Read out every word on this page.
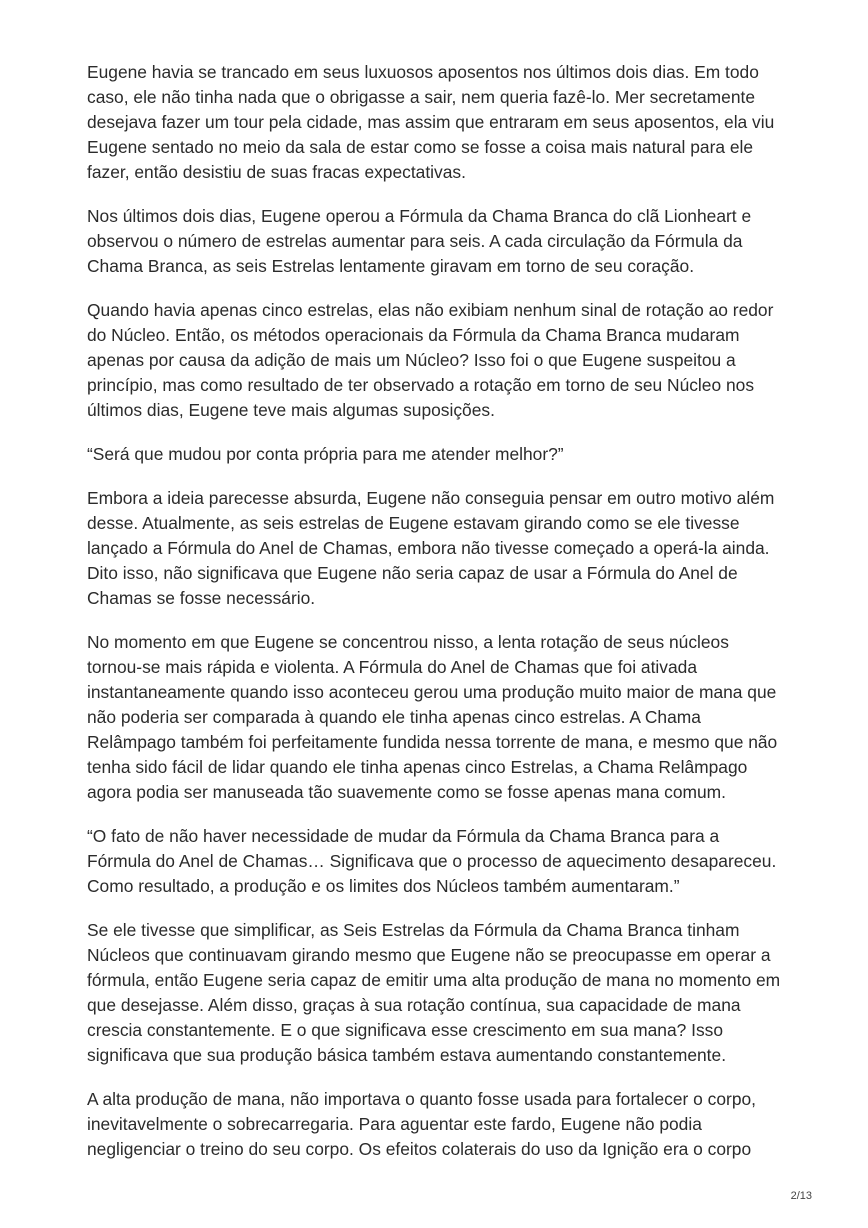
Eugene havia se trancado em seus luxuosos aposentos nos últimos dois dias. Em todo caso, ele não tinha nada que o obrigasse a sair, nem queria fazê-lo. Mer secretamente desejava fazer um tour pela cidade, mas assim que entraram em seus aposentos, ela viu Eugene sentado no meio da sala de estar como se fosse a coisa mais natural para ele fazer, então desistiu de suas fracas expectativas.

Nos últimos dois dias, Eugene operou a Fórmula da Chama Branca do clã Lionheart e observou o número de estrelas aumentar para seis. A cada circulação da Fórmula da Chama Branca, as seis Estrelas lentamente giravam em torno de seu coração.

Quando havia apenas cinco estrelas, elas não exibiam nenhum sinal de rotação ao redor do Núcleo. Então, os métodos operacionais da Fórmula da Chama Branca mudaram apenas por causa da adição de mais um Núcleo? Isso foi o que Eugene suspeitou a princípio, mas como resultado de ter observado a rotação em torno de seu Núcleo nos últimos dias, Eugene teve mais algumas suposições.

“Será que mudou por conta própria para me atender melhor?”

Embora a ideia parecesse absurda, Eugene não conseguia pensar em outro motivo além desse. Atualmente, as seis estrelas de Eugene estavam girando como se ele tivesse lançado a Fórmula do Anel de Chamas, embora não tivesse começado a operá-la ainda. Dito isso, não significava que Eugene não seria capaz de usar a Fórmula do Anel de Chamas se fosse necessário.

No momento em que Eugene se concentrou nisso, a lenta rotação de seus núcleos tornou-se mais rápida e violenta. A Fórmula do Anel de Chamas que foi ativada instantaneamente quando isso aconteceu gerou uma produção muito maior de mana que não poderia ser comparada à quando ele tinha apenas cinco estrelas. A Chama Relâmpago também foi perfeitamente fundida nessa torrente de mana, e mesmo que não tenha sido fácil de lidar quando ele tinha apenas cinco Estrelas, a Chama Relâmpago agora podia ser manuseada tão suavemente como se fosse apenas mana comum.

“O fato de não haver necessidade de mudar da Fórmula da Chama Branca para a Fórmula do Anel de Chamas… Significava que o processo de aquecimento desapareceu. Como resultado, a produção e os limites dos Núcleos também aumentaram.”

Se ele tivesse que simplificar, as Seis Estrelas da Fórmula da Chama Branca tinham Núcleos que continuavam girando mesmo que Eugene não se preocupasse em operar a fórmula, então Eugene seria capaz de emitir uma alta produção de mana no momento em que desejasse. Além disso, graças à sua rotação contínua, sua capacidade de mana crescia constantemente. E o que significava esse crescimento em sua mana? Isso significava que sua produção básica também estava aumentando constantemente.

A alta produção de mana, não importava o quanto fosse usada para fortalecer o corpo, inevitavelmente o sobrecarregaria. Para aguentar este fardo, Eugene não podia negligenciar o treino do seu corpo. Os efeitos colaterais do uso da Ignição era o corpo

2/13
